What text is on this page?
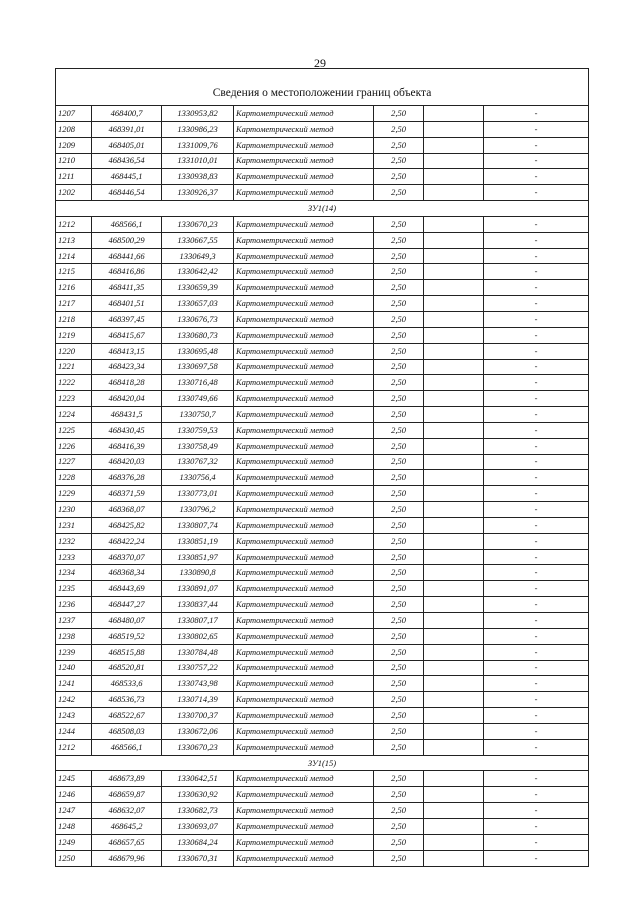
29
Сведения о местоположении границ объекта						
1207	468400,7	1330953,82	Картометрический метод	2,50		-
1208	468391,01	1330986,23	Картометрический метод	2,50		-
1209	468405,01	1331009,76	Картометрический метод	2,50		-
1210	468436,54	1331010,01	Картометрический метод	2,50		-
1211	468445,1	1330938,83	Картометрический метод	2,50		-
1202	468446,54	1330926,37	Картометрический метод	2,50		-
ЗУ1(14)						
1212	468566,1	1330670,23	Картометрический метод	2,50		-
1213	468500,29	1330667,55	Картометрический метод	2,50		-
1214	468441,66	1330649,3	Картометрический метод	2,50		-
1215	468416,86	1330642,42	Картометрический метод	2,50		-
1216	468411,35	1330659,39	Картометрический метод	2,50		-
1217	468401,51	1330657,03	Картометрический метод	2,50		-
1218	468397,45	1330676,73	Картометрический метод	2,50		-
1219	468415,67	1330680,73	Картометрический метод	2,50		-
1220	468413,15	1330695,48	Картометрический метод	2,50		-
1221	468423,34	1330697,58	Картометрический метод	2,50		-
1222	468418,28	1330716,48	Картометрический метод	2,50		-
1223	468420,04	1330749,66	Картометрический метод	2,50		-
1224	468431,5	1330750,7	Картометрический метод	2,50		-
1225	468430,45	1330759,53	Картометрический метод	2,50		-
1226	468416,39	1330758,49	Картометрический метод	2,50		-
1227	468420,03	1330767,32	Картометрический метод	2,50		-
1228	468376,28	1330756,4	Картометрический метод	2,50		-
1229	468371,59	1330773,01	Картометрический метод	2,50		-
1230	468368,07	1330796,2	Картометрический метод	2,50		-
1231	468425,82	1330807,74	Картометрический метод	2,50		-
1232	468422,24	1330851,19	Картометрический метод	2,50		-
1233	468370,07	1330851,97	Картометрический метод	2,50		-
1234	468368,34	1330890,8	Картометрический метод	2,50		-
1235	468443,69	1330891,07	Картометрический метод	2,50		-
1236	468447,27	1330837,44	Картометрический метод	2,50		-
1237	468480,07	1330807,17	Картометрический метод	2,50		-
1238	468519,52	1330802,65	Картометрический метод	2,50		-
1239	468515,88	1330784,48	Картометрический метод	2,50		-
1240	468520,81	1330757,22	Картометрический метод	2,50		-
1241	468533,6	1330743,98	Картометрический метод	2,50		-
1242	468536,73	1330714,39	Картометрический метод	2,50		-
1243	468522,67	1330700,37	Картометрический метод	2,50		-
1244	468508,03	1330672,06	Картометрический метод	2,50		-
1212	468566,1	1330670,23	Картометрический метод	2,50		-
ЗУ1(15)						
1245	468673,89	1330642,51	Картометрический метод	2,50		-
1246	468659,87	1330630,92	Картометрический метод	2,50		-
1247	468632,07	1330682,73	Картометрический метод	2,50		-
1248	468645,2	1330693,07	Картометрический метод	2,50		-
1249	468657,65	1330684,24	Картометрический метод	2,50		-
1250	468679,96	1330670,31	Картометрический метод	2,50		-
